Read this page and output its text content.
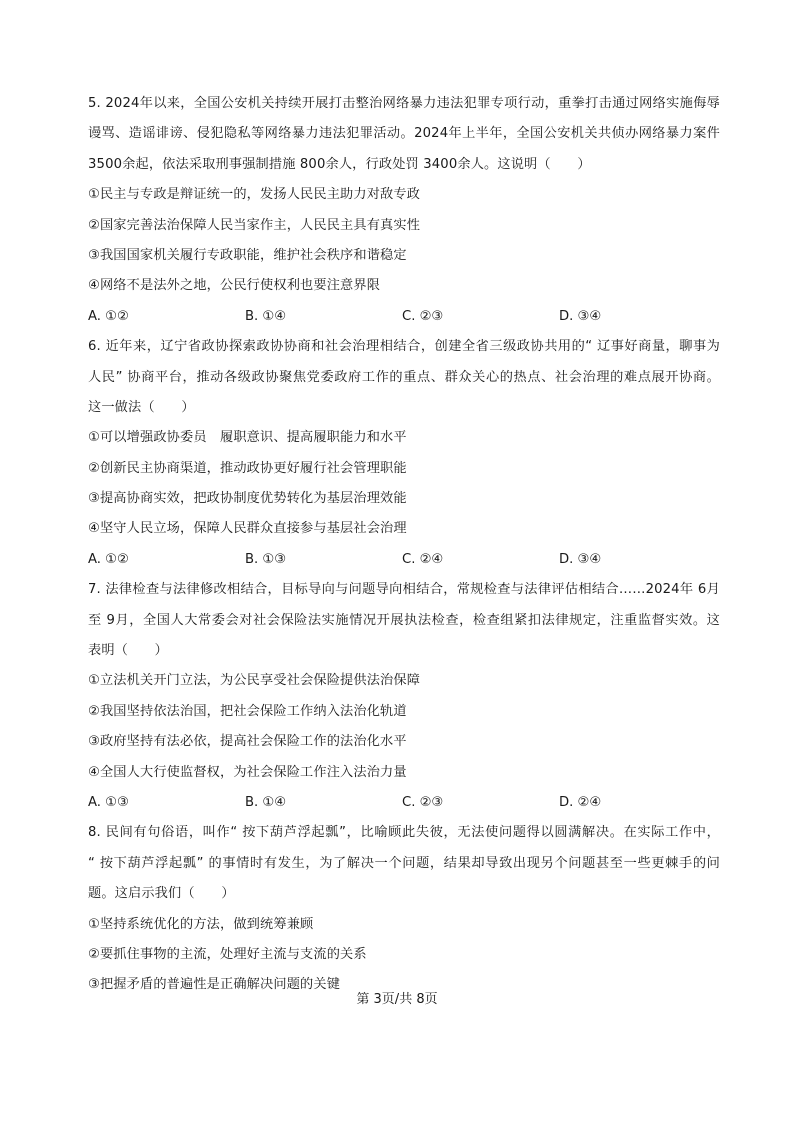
5. 2024年以来，全国公安机关持续开展打击整治网络暴力违法犯罪专项行动，重拳打击通过网络实施侮辱
谩骂、造谣诽谤、侵犯隐私等网络暴力违法犯罪活动。2024年上半年，全国公安机关共侦办网络暴力案件
3500余起，依法采取刑事强制措施 800余人，行政处罚 3400余人。这说明（　　）
①民主与专政是辩证统一的，发扬人民民主助力对敌专政
②国家完善法治保障人民当家作主，人民民主具有真实性
③我国国家机关履行专政职能，维护社会秩序和谐稳定
④网络不是法外之地，公民行使权利也要注意界限
A. ①②	B. ①④	C. ②③	D. ③④
6. 近年来，辽宁省政协探索政协协商和社会治理相结合，创建全省三级政协共用的“ 辽事好商量，聊事为
人民” 协商平台，推动各级政协聚焦党委政府工作的重点、群众关心的热点、社会治理的难点展开协商。
这一做法（　　）
①可以增强政协委员　履职意识、提高履职能力和水平
②创新民主协商渠道，推动政协更好履行社会管理职能
③提高协商实效，把政协制度优势转化为基层治理效能
④坚守人民立场，保障人民群众直接参与基层社会治理
A. ①②	B. ①③	C. ②④	D. ③④
7. 法律检查与法律修改相结合，目标导向与问题导向相结合，常规检查与法律评估相结合……2024年 6月
至 9月，全国人大常委会对社会保险法实施情况开展执法检查，检查组紧扣法律规定，注重监督实效。这
表明（　　）
①立法机关开门立法，为公民享受社会保险提供法治保障
②我国坚持依法治国，把社会保险工作纳入法治化轨道
③政府坚持有法必依，提高社会保险工作的法治化水平
④全国人大行使监督权，为社会保险工作注入法治力量
A. ①③	B. ①④	C. ②③	D. ②④
8. 民间有句俗语，叫作“ 按下葫芦浮起瓢”，比喻顾此失彼，无法使问题得以圆满解决。在实际工作中，
“ 按下葫芦浮起瓢” 的事情时有发生，为了解决一个问题，结果却导致出现另个问题甚至一些更棘手的问
题。这启示我们（　　）
①坚持系统优化的方法，做到统筹兼顾
②要抓住事物的主流，处理好主流与支流的关系
③把握矛盾的普遍性是正确解决问题的关键
第 3页/共 8页
